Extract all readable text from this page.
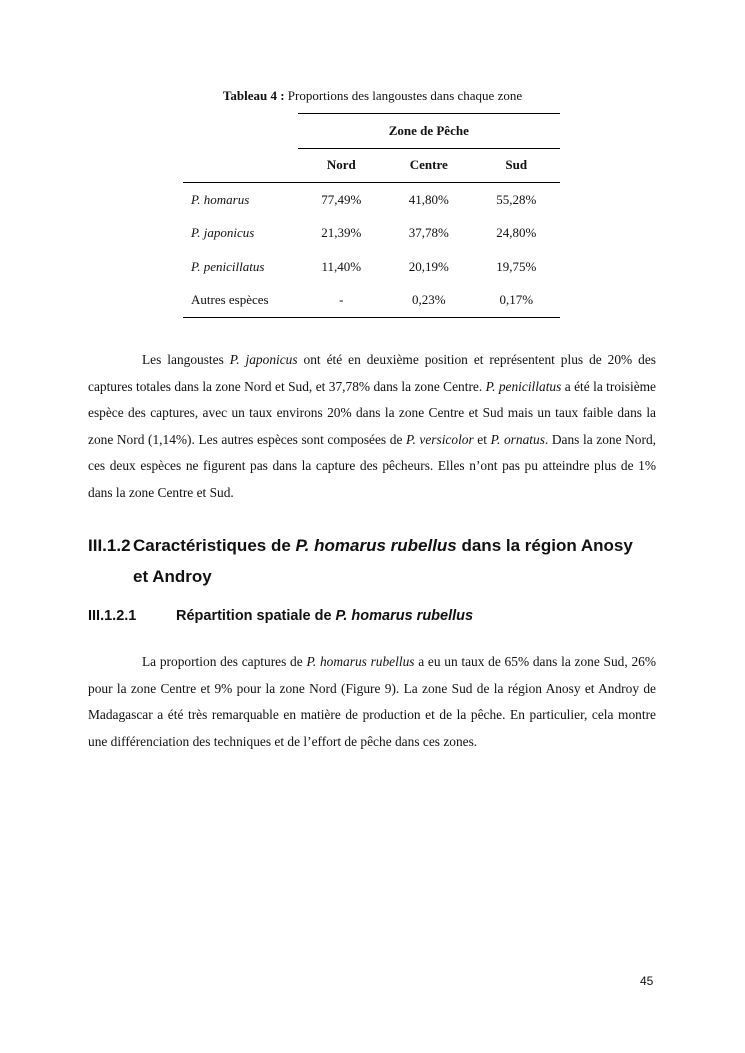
Tableau 4 : Proportions des langoustes dans chaque zone
	Zone de Pêche		
	Nord	Centre	Sud
P. homarus	77,49%	41,80%	55,28%
P. japonicus	21,39%	37,78%	24,80%
P. penicillatus	11,40%	20,19%	19,75%
Autres espèces	-	0,23%	0,17%

Les langoustes P. japonicus ont été en deuxième position et représentent plus de 20% des captures totales dans la zone Nord et Sud, et 37,78% dans la zone Centre. P. penicillatus a été la troisième espèce des captures, avec un taux environs 20% dans la zone Centre et Sud mais un taux faible dans la zone Nord (1,14%). Les autres espèces sont composées de P. versicolor et P. ornatus. Dans la zone Nord, ces deux espèces ne figurent pas dans la capture des pêcheurs. Elles n’ont pas pu atteindre plus de 1% dans la zone Centre et Sud.

III.1.2 Caractéristiques de P. homarus rubellus dans la région Anosy
et Androy
III.1.2.1	Répartition spatiale de P. homarus rubellus

La proportion des captures de P. homarus rubellus a eu un taux de 65% dans la zone Sud, 26% pour la zone Centre et 9% pour la zone Nord (Figure 9). La zone Sud de la région Anosy et Androy de Madagascar a été très remarquable en matière de production et de la pêche. En particulier, cela montre une différenciation des techniques et de l’effort de pêche dans ces zones.

45
